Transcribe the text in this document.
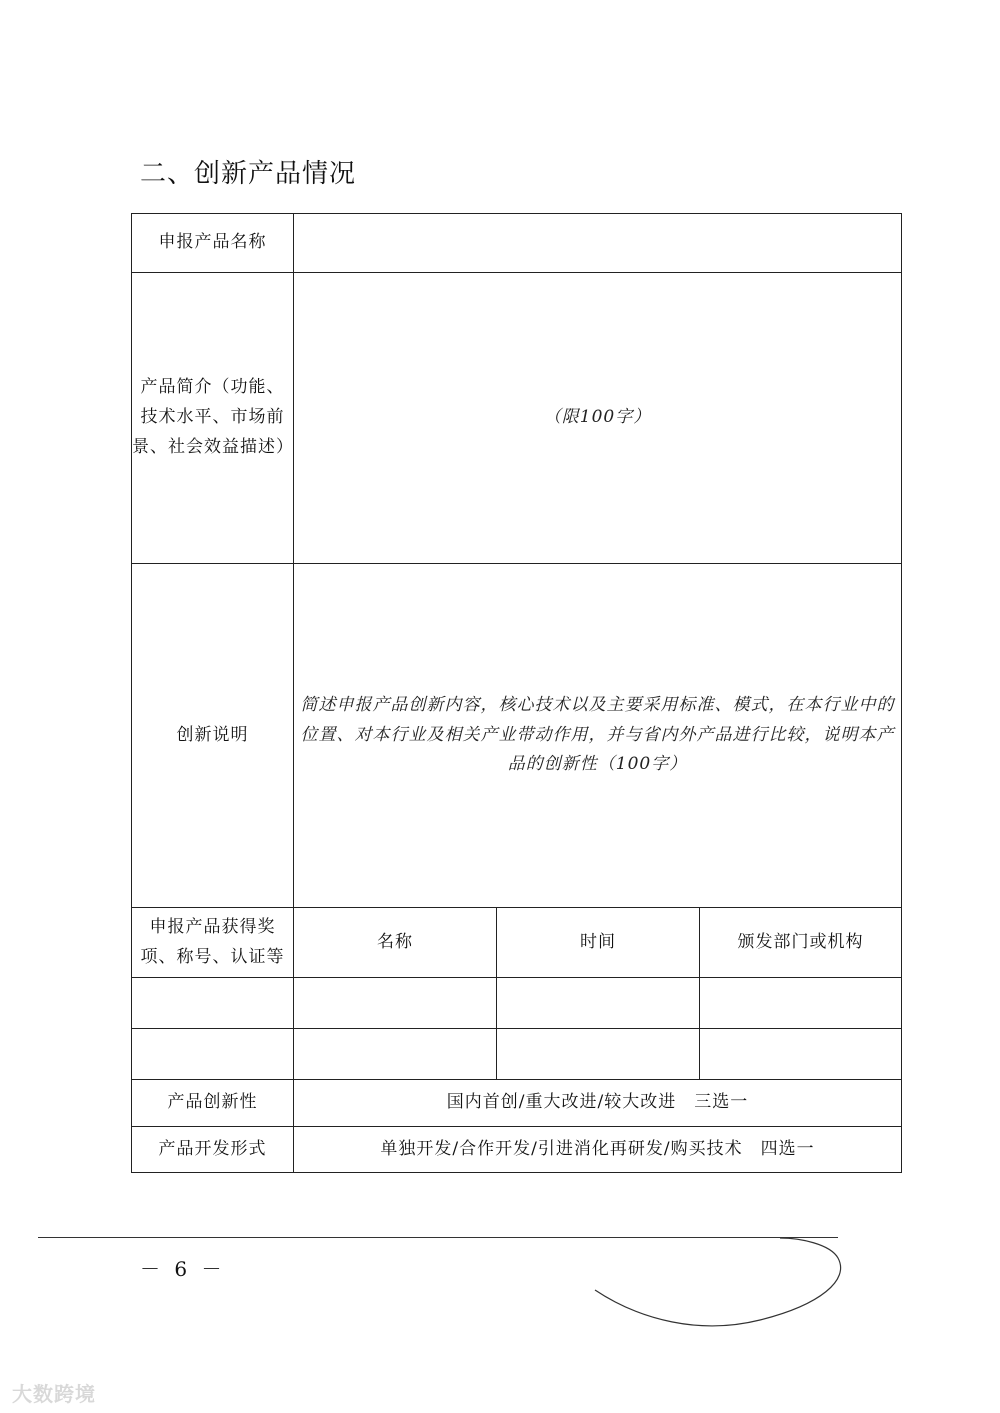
二、创新产品情况
申报产品名称			

产品简介（功能、
技术水平、市场前
景、社会效益描述）	（限100字）		
创新说明	简述申报产品创新内容，核心技术以及主要采用标准、模式，在本行业中的
位置、对本行业及相关产业带动作用，并与省内外产品进行比较，说明本产
品的创新性（100字）		

申报产品获得奖
项、称号、认证等	名称	时间	颁发部门或机构

产品创新性	国内首创/重大改进/较大改进　三选一		
产品开发形式	单独开发/合作开发/引进消化再研发/购买技术　四选一		
－ 6 －
大数跨境
